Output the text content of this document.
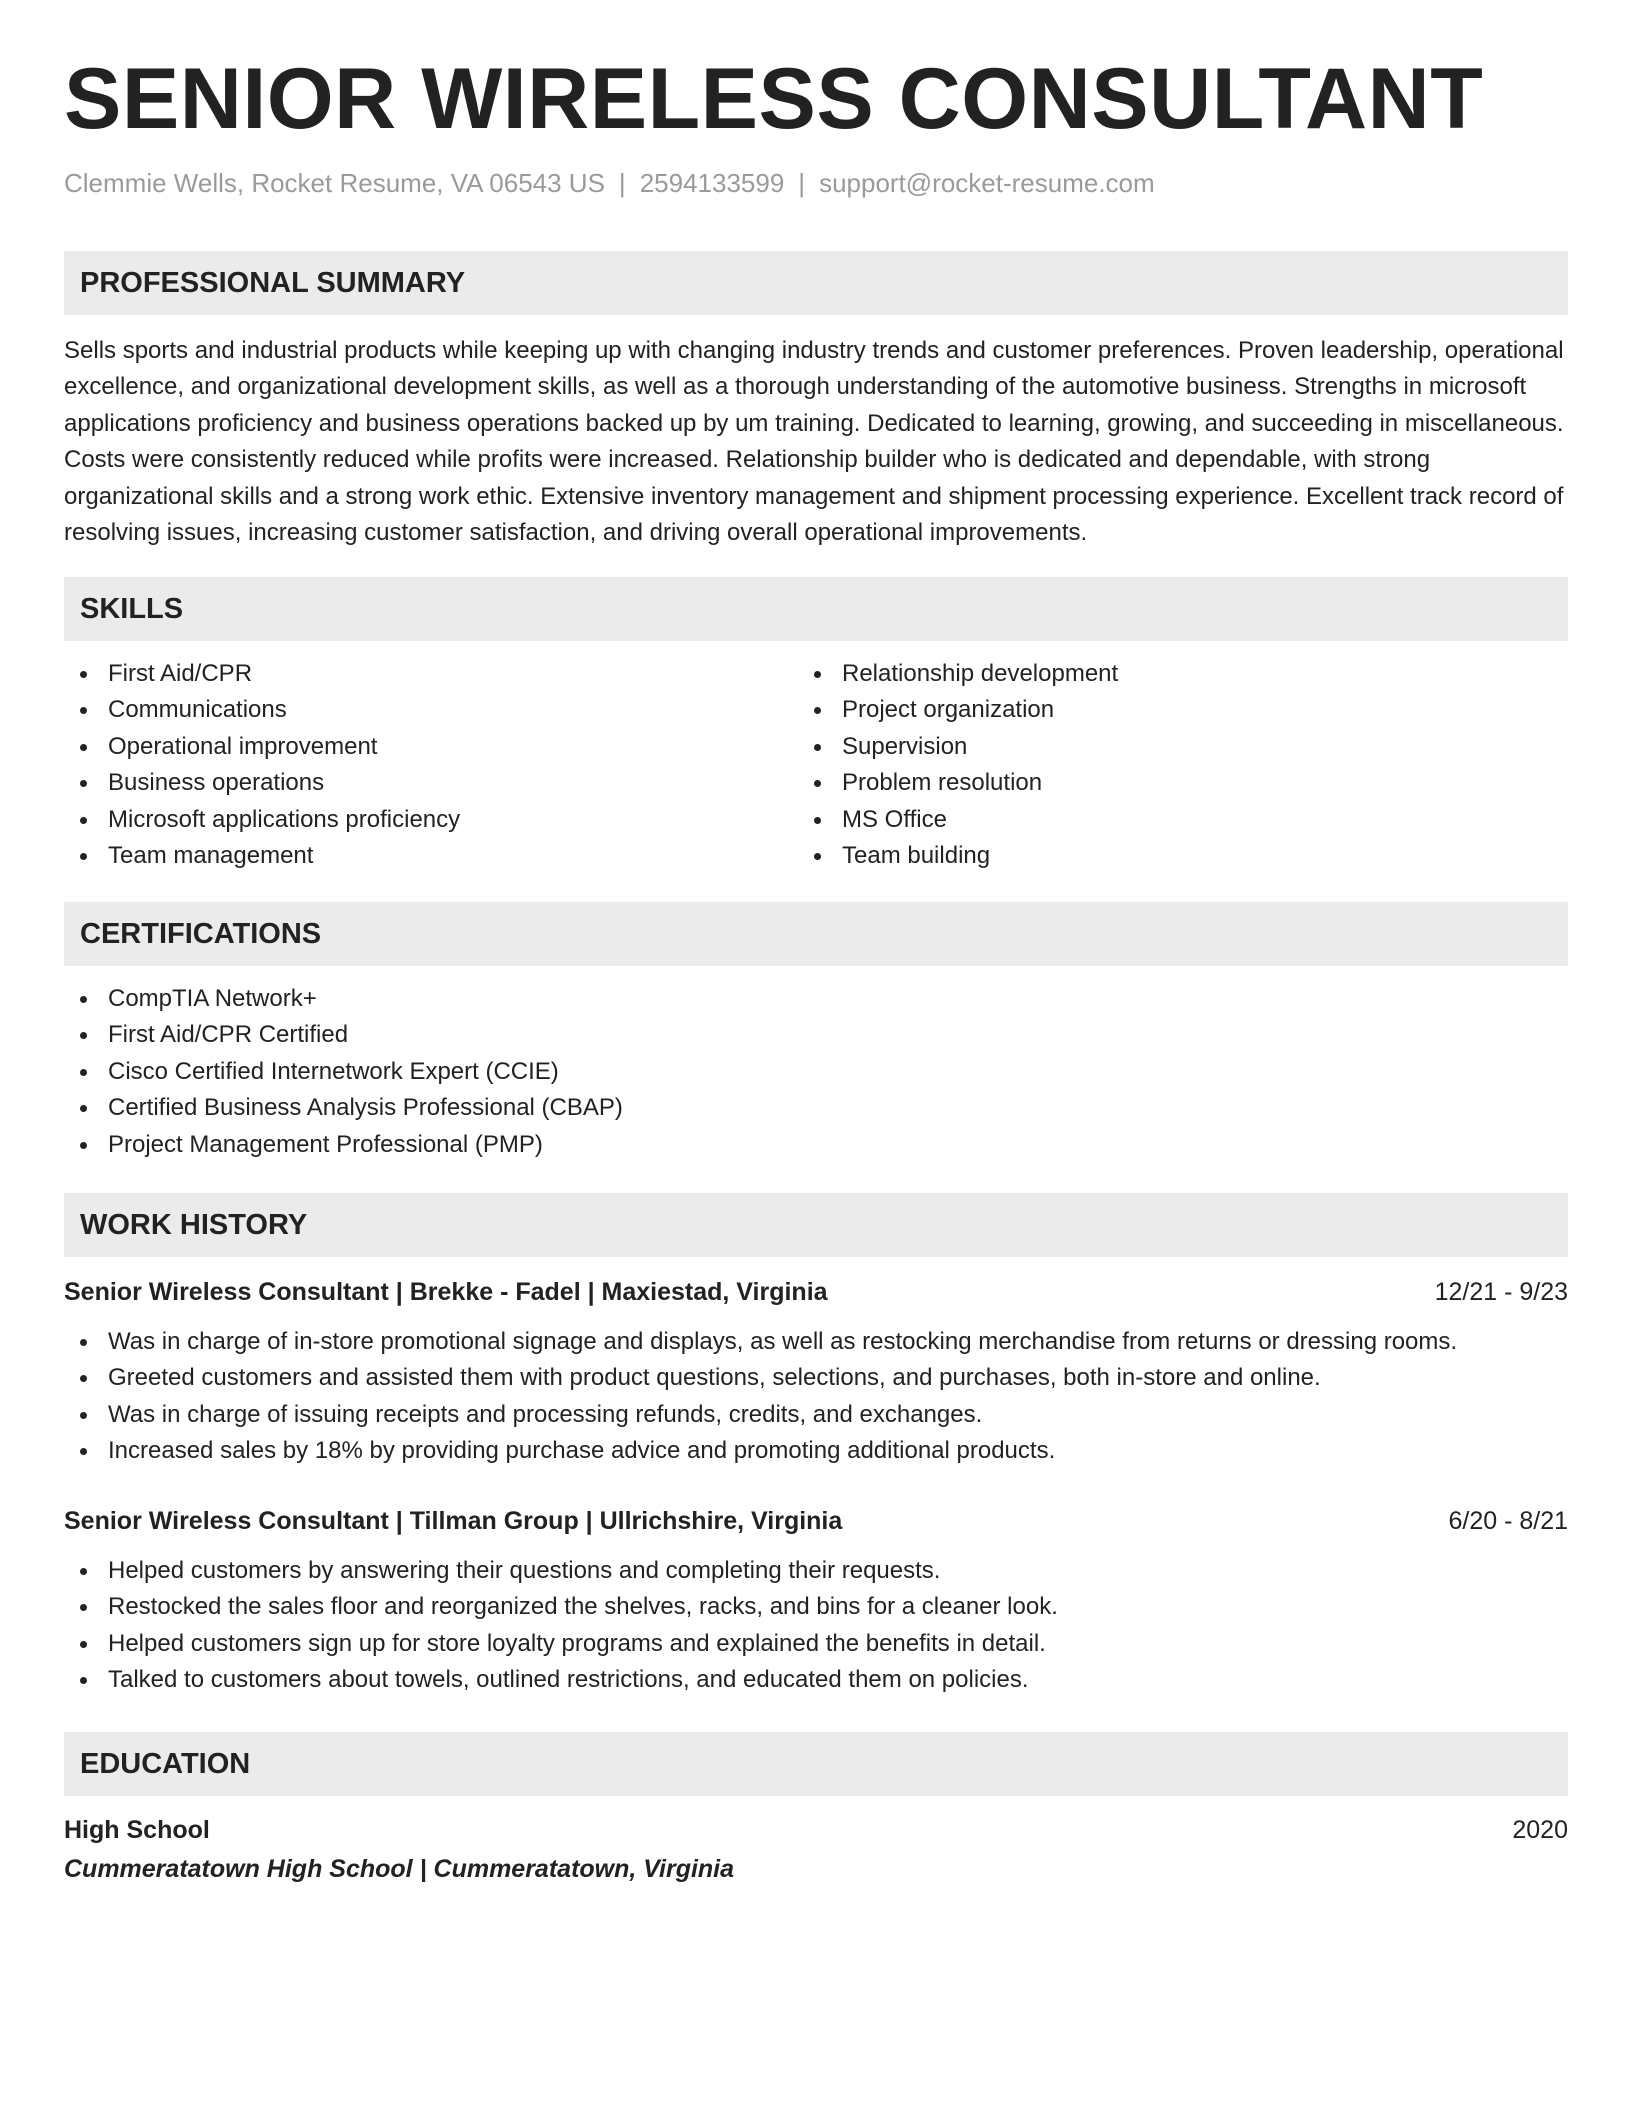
SENIOR WIRELESS CONSULTANT
Clemmie Wells, Rocket Resume, VA 06543 US | 2594133599 | support@rocket-resume.com
PROFESSIONAL SUMMARY

Sells sports and industrial products while keeping up with changing industry trends and customer preferences. Proven leadership, operational excellence, and organizational development skills, as well as a thorough understanding of the automotive business. Strengths in microsoft applications proficiency and business operations backed up by um training. Dedicated to learning, growing, and succeeding in miscellaneous. Costs were consistently reduced while profits were increased. Relationship builder who is dedicated and dependable, with strong organizational skills and a strong work ethic. Extensive inventory management and shipment processing experience. Excellent track record of resolving issues, increasing customer satisfaction, and driving overall operational improvements.

SKILLS
First Aid/CPR
Communications
Operational improvement
Business operations
Microsoft applications proficiency
Team management
Relationship development
Project organization
Supervision
Problem resolution
MS Office
Team building
CERTIFICATIONS
CompTIA Network+
First Aid/CPR Certified
Cisco Certified Internetwork Expert (CCIE)
Certified Business Analysis Professional (CBAP)
Project Management Professional (PMP)
WORK HISTORY
Senior Wireless Consultant | Brekke - Fadel | Maxiestad, Virginia	12/21 - 9/23
Was in charge of in-store promotional signage and displays, as well as restocking merchandise from returns or dressing rooms.
Greeted customers and assisted them with product questions, selections, and purchases, both in-store and online.
Was in charge of issuing receipts and processing refunds, credits, and exchanges.
Increased sales by 18% by providing purchase advice and promoting additional products.
Senior Wireless Consultant | Tillman Group | Ullrichshire, Virginia	6/20 - 8/21
Helped customers by answering their questions and completing their requests.
Restocked the sales floor and reorganized the shelves, racks, and bins for a cleaner look.
Helped customers sign up for store loyalty programs and explained the benefits in detail.
Talked to customers about towels, outlined restrictions, and educated them on policies.
EDUCATION
High School	2020
Cummeratatown High School | Cummeratatown, Virginia
